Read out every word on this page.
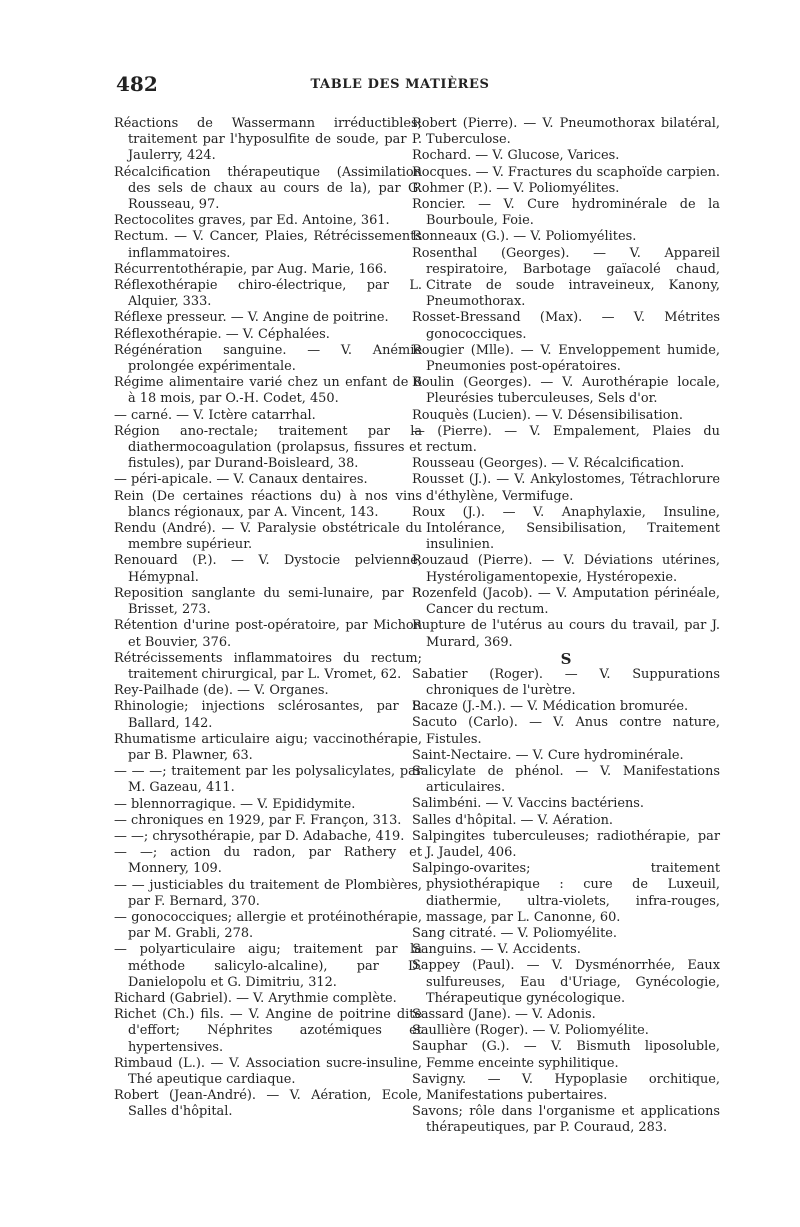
482	TABLE DES MATIÈRES

Réactions de Wassermann irréductibles; traitement par l'hyposulfite de soude, par P. Jaulerry, 424.

Récalcification thérapeutique (Assimilation des sels de chaux au cours de la), par G. Rousseau, 97.

Rectocolites graves, par Ed. Antoine, 361.

Rectum. — V. Cancer, Plaies, Rétrécissements inflammatoires.

Récurrentothérapie, par Aug. Marie, 166.

Réflexothérapie chiro-électrique, par L. Alquier, 333.

Réflexe presseur. — V. Angine de poitrine.

Réflexothérapie. — V. Céphalées.

Régénération sanguine. — V. Anémie prolongée expérimentale.

Régime alimentaire varié chez un enfant de 6 à 18 mois, par O.-H. Codet, 450.

— carné. — V. Ictère catarrhal.

Région ano-rectale; traitement par la diathermocoagulation (prolapsus, fissures et fistules), par Durand-Boisleard, 38.

— péri-apicale. — V. Canaux dentaires.

Rein (De certaines réactions du) à nos vins blancs régionaux, par A. Vincent, 143.

Rendu (André). — V. Paralysie obstétricale du membre supérieur.

Renouard (P.). — V. Dystocie pelvienne, Hémypnal.

Reposition sanglante du semi-lunaire, par P. Brisset, 273.

Rétention d'urine post-opératoire, par Michon et Bouvier, 376.

Rétrécissements inflammatoires du rectum; traitement chirurgical, par L. Vromet, 62.

Rey-Pailhade (de). — V. Organes.

Rhinologie; injections sclérosantes, par P. Ballard, 142.

Rhumatisme articulaire aigu; vaccinothérapie, par B. Plawner, 63.

— — —; traitement par les polysalicylates, par M. Gazeau, 411.

— blennorragique. — V. Epididymite.

— chroniques en 1929, par F. Françon, 313.

— —; chrysothérapie, par D. Adabache, 419.

— —; action du radon, par Rathery et Monnery, 109.

— — justiciables du traitement de Plombières, par F. Bernard, 370.

— gonococciques; allergie et protéinothérapie, par M. Grabli, 278.

— polyarticulaire aigu; traitement par la méthode salicylo-alcaline), par D. Danielopolu et G. Dimitriu, 312.

Richard (Gabriel). — V. Arythmie complète.

Richet (Ch.) fils. — V. Angine de poitrine dite d'effort; Néphrites azotémiques et hypertensives.

Rimbaud (L.). — V. Association sucre-insuline, Thé apeutique cardiaque.

Robert (Jean-André). — V. Aération, Ecole, Salles d'hôpital.

Robert (Pierre). — V. Pneumothorax bilatéral, Tuberculose.

Rochard. — V. Glucose, Varices.

Rocques. — V. Fractures du scaphoïde carpien.

Rohmer (P.). — V. Poliomyélites.

Roncier. — V. Cure hydrominérale de la Bourboule, Foie.

Ronneaux (G.). — V. Poliomyélites.

Rosenthal (Georges). — V. Appareil respiratoire, Barbotage gaïacolé chaud, Citrate de soude intraveineux, Kanony, Pneumothorax.

Rosset-Bressand (Max). — V. Métrites gonococciques.

Rougier (Mlle). — V. Enveloppement humide, Pneumonies post-opératoires.

Roulin (Georges). — V. Aurothérapie locale, Pleurésies tuberculeuses, Sels d'or.

Rouquès (Lucien). — V. Désensibilisation.

— (Pierre). — V. Empalement, Plaies du rectum.

Rousseau (Georges). — V. Récalcification.

Rousset (J.). — V. Ankylostomes, Tétrachlorure d'éthylène, Vermifuge.

Roux (J.). — V. Anaphylaxie, Insuline, Intolérance, Sensibilisation, Traitement insulinien.

Rouzaud (Pierre). — V. Déviations utérines, Hystéroligamentopexie, Hystéropexie.

Rozenfeld (Jacob). — V. Amputation périnéale, Cancer du rectum.

Rupture de l'utérus au cours du travail, par J. Murard, 369.

S

Sabatier (Roger). — V. Suppurations chroniques de l'urètre.

Sacaze (J.-M.). — V. Médication bromurée.

Sacuto (Carlo). — V. Anus contre nature, Fistules.

Saint-Nectaire. — V. Cure hydrominérale.

Salicylate de phénol. — V. Manifestations articulaires.

Salimbéni. — V. Vaccins bactériens.

Salles d'hôpital. — V. Aération.

Salpingites tuberculeuses; radiothérapie, par J. Jaudel, 406.

Salpingo-ovarites; traitement physiothérapique : cure de Luxeuil, diathermie, ultra-violets, infra-rouges, massage, par L. Canonne, 60.

Sang citraté. — V. Poliomyélite.

Sanguins. — V. Accidents.

Sappey (Paul). — V. Dysménorrhée, Eaux sulfureuses, Eau d'Uriage, Gynécologie, Thérapeutique gynécologique.

Sassard (Jane). — V. Adonis.

Saullière (Roger). — V. Poliomyélite.

Sauphar (G.). — V. Bismuth liposoluble, Femme enceinte syphilitique.

Savigny. — V. Hypoplasie orchitique, Manifestations pubertaires.

Savons; rôle dans l'organisme et applications thérapeutiques, par P. Couraud, 283.
